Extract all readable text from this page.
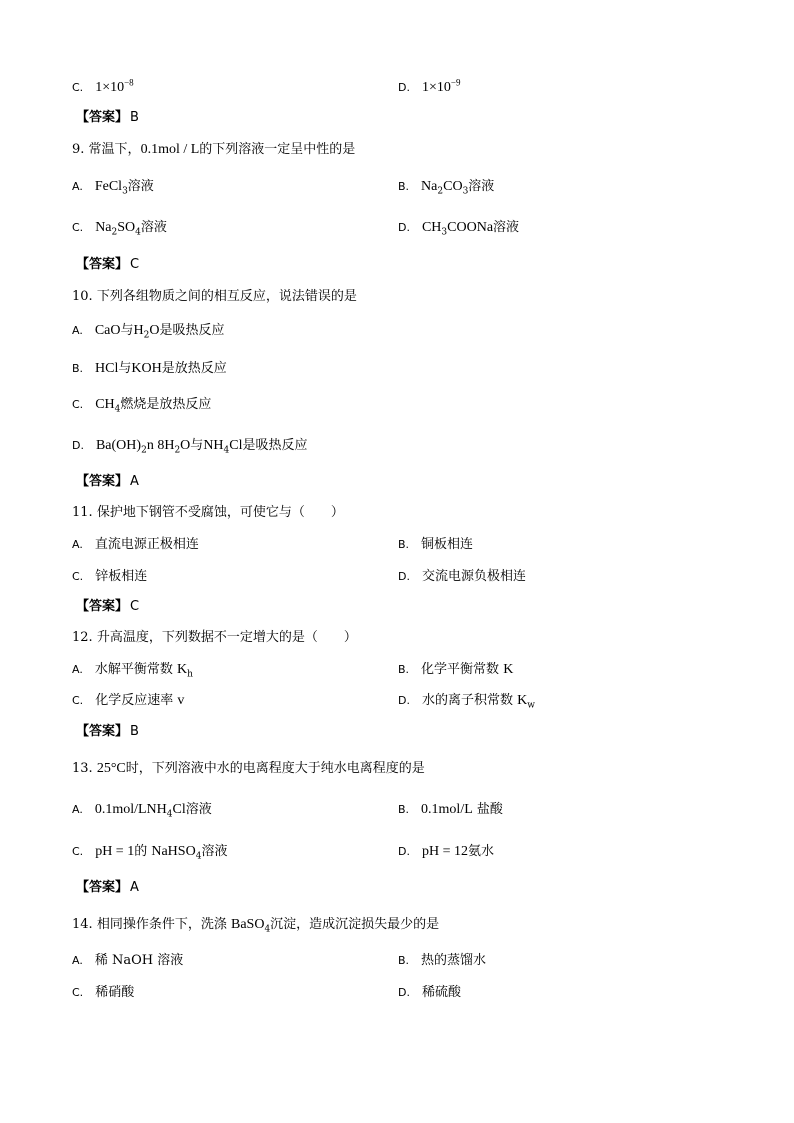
C. $1\times 10^{-8}$	D. $1\times 10^{-9}$
【答案】 B
9. 常温下，0.1mol / L的下列溶液一定呈中性的是
A. FeCl$_3$溶液	B. $Na_2CO_3$溶液
C. $Na_2SO_4$溶液	D. $CH_3COONa$溶液
【答案】 C
10. 下列各组物质之间的相互反应，说法错误的是
A. CaO与$H_2O$是吸热反应
B. HCl与KOH是放热反应
C. $CH_4$燃烧是放热反应
D. $Ba(OH)_2n$ $8H_2O$与$NH_4Cl$是吸热反应
【答案】 A
11. 保护地下钢管不受腐蚀，可使它与（　　）
A. 直流电源正极相连	B. 铜板相连
C. 锌板相连	D. 交流电源负极相连
【答案】 C
12. 升高温度，下列数据不一定增大的是（　　）
A. 水解平衡常数 $K_h$	B. 化学平衡常数 K
C. 化学反应速率 v	D. 水的离子积常数 $K_w$
【答案】 B
13. 25°C时，下列溶液中水的电离程度大于纯水电离程度的是
A. $0.1mol/LNH_4Cl$溶液	B. 0.1mol/L 盐酸
C. pH = 1的 NaHSO$_4$溶液	D. pH = 12氨水
【答案】 A
14. 相同操作条件下，洗涤 BaSO$_4$沉淀，造成沉淀损失最少的是
A. 稀 NaOH 溶液	B. 热的蒸馏水
C. 稀硝酸	D. 稀硫酸
